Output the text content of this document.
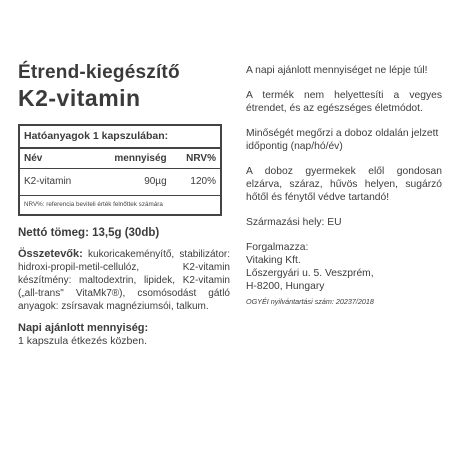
Étrend-kiegészítő
K2-vitamin
Hatóanyagok 1 kapszulában:
Név	mennyiség	NRV%
K2-vitamin	90µg	120%
NRV%: referencia beviteli érték felnőttek számára
Nettó tömeg: 13,5g (30db)
Összetevők: kukoricakeményítő, stabilizátor: hidroxi-propil-metil-cellulóz, K2-vitamin készítmény: maltodextrin, lipidek, K2-vitamin („all-trans" VitaMk7®), csomósodást gátló anyagok: zsírsavak magnéziumsói, talkum.
Napi ajánlott mennyiség:
1 kapszula étkezés közben.

A napi ajánlott mennyiséget ne lépje túl!

A termék nem helyettesíti a vegyes étrendet, és az egészséges életmódot.

Minőségét megőrzi a doboz oldalán jelzett időpontig (nap/hó/év)

A doboz gyermekek elől gondosan elzárva, száraz, hűvös helyen, sugárzó hőtől és fénytől védve tartandó!

Származási hely: EU

Forgalmazza:
Vitaking Kft.
Lőszergyári u. 5. Veszprém,
H-8200, Hungary
OGYÉI nyilvántartási szám: 20237/2018
